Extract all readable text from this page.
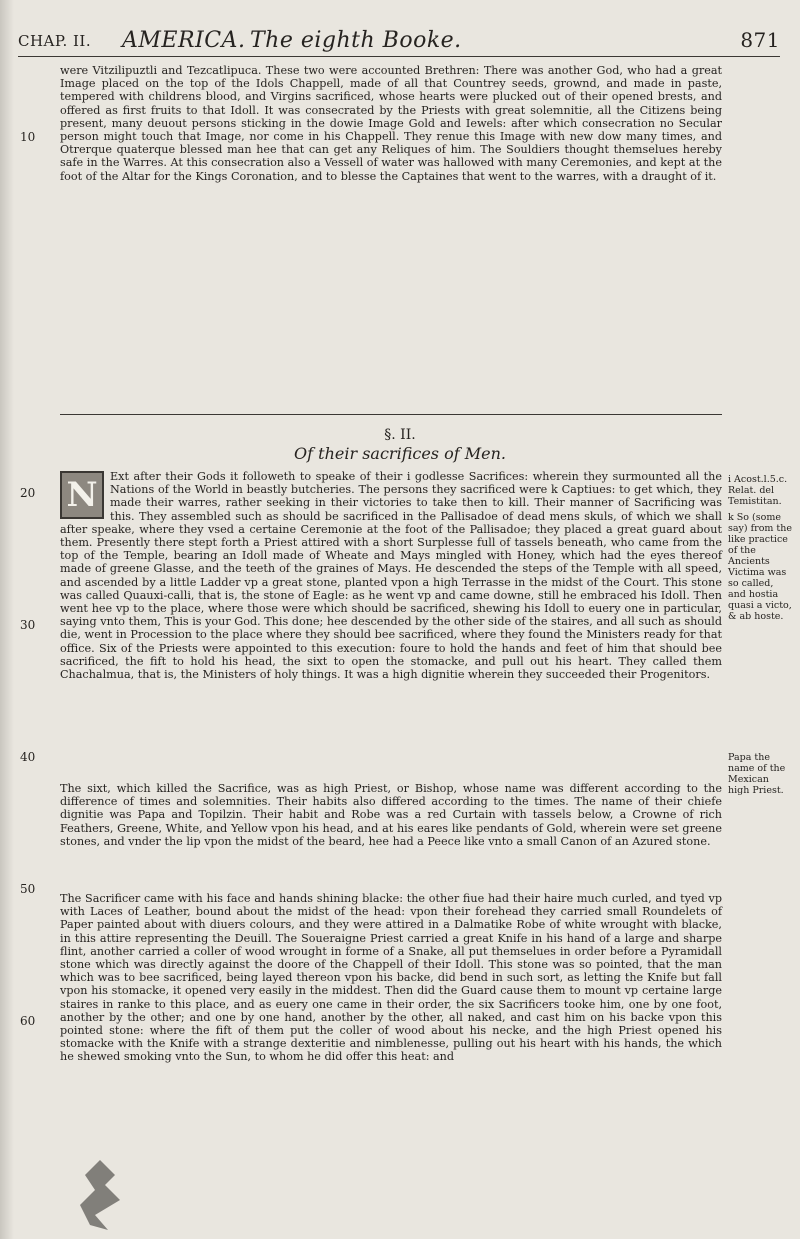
CHAP. II. AMERICA. The eighth Booke.	871

were Vitzilipuztli and Tezcatlipuca. These two were accounted Brethren: There was another God, who had a great Image placed on the top of the Idols Chappell, made of all that Countrey seeds, grownd, and made in paste, tempered with childrens blood, and Virgins sacrificed, whose hearts were plucked out of their opened brests, and offered as first fruits to that Idoll. It was consecrated by the Priests with great solemnitie, all the Citizens being present, many deuout persons sticking in the dowie Image Gold and Iewels: after which consecration no Secular person might touch that Image, nor come in his Chappell. They renue this Image with new dow many times, and Otrerque quaterque blessed man hee that can get any Reliques of him. The Souldiers thought themselues hereby safe in the Warres. At this consecration also a Vessell of water was hallowed with many Ceremonies, and kept at the foot of the Altar for the Kings Coronation, and to blesse the Captaines that went to the warres, with a draught of it.

§. II.
Of their sacrifices of Men.
N	Ext after their Gods it followeth to speake of their i godlesse Sacrifices: wherein they surmounted all the Nations of the World in beastly butcheries. The persons they sacrificed were k Captiues: to get which, they made their warres, rather seeking in their victories to take then to kill. Their manner of Sacrificing was this. They assembled such as should be sacrificed in the Pallisadoe of dead mens skuls, of which we shall after speake, where they vsed a certaine Ceremonie at the foot of the Pallisadoe; they placed a great guard about them. Presently there stept forth a Priest attired with a short Surplesse full of tassels beneath, who came from the top of the Temple, bearing an Idoll made of Wheate and Mays mingled with Honey, which had the eyes thereof made of greene Glasse, and the teeth of the graines of Mays. He descended the steps of the Temple with all speed, and ascended by a little Ladder vp a great stone, planted vpon a high Terrasse in the midst of the Court. This stone was called Quauxi-calli, that is, the stone of Eagle: as he went vp and came downe, still he embraced his Idoll. Then went hee vp to the place, where those were which should be sacrificed, shewing his Idoll to euery one in particular, saying vnto them, This is your God. This done; hee descended by the other side of the staires, and all such as should die, went in Procession to the place where they should bee sacrificed, where they found the Ministers ready for that office. Six of the Priests were appointed to this execution: foure to hold the hands and feet of him that should bee sacrificed, the fift to hold his head, the sixt to open the stomacke, and pull out his heart. They called them Chachalmua, that is, the Ministers of holy things. It was a high dignitie wherein they succeeded their Progenitors.

The sixt, which killed the Sacrifice, was as high Priest, or Bishop, whose name was different according to the difference of times and solemnities. Their habits also differed according to the times. The name of their chiefe dignitie was Papa and Topilzin. Their habit and Robe was a red Curtain with tassels below, a Crowne of rich Feathers, Greene, White, and Yellow vpon his head, and at his eares like pendants of Gold, wherein were set greene stones, and vnder the lip vpon the midst of the beard, hee had a Peece like vnto a small Canon of an Azured stone.

The Sacrificer came with his face and hands shining blacke: the other fiue had their haire much curled, and tyed vp with Laces of Leather, bound about the midst of the head: vpon their forehead they carried small Roundelets of Paper painted about with diuers colours, and they were attired in a Dalmatike Robe of white wrought with blacke, in this attire representing the Deuill. The Soueraigne Priest carried a great Knife in his hand of a large and sharpe flint, another carried a coller of wood wrought in forme of a Snake, all put themselues in order before a Pyramidall stone which was directly against the doore of the Chappell of their Idoll. This stone was so pointed, that the man which was to bee sacrificed, being layed thereon vpon his backe, did bend in such sort, as letting the Knife but fall vpon his stomacke, it opened very easily in the middest. Then did the Guard cause them to mount vp certaine large staires in ranke to this place, and as euery one came in their order, the six Sacrificers tooke him, one by one foot, another by the other; and one by one hand, another by the other, all naked, and cast him on his backe vpon this pointed stone: where the fift of them put the coller of wood about his necke, and the high Priest opened his stomacke with the Knife with a strange dexteritie and nimblenesse, pulling out his heart with his hands, the which he shewed smoking vnto the Sun, to whom he did offer this heat: and

10
20
30
40
50
60
i Acost.l.5.c. Relat. del Temistitan.
k So (some say) from the like practice of the Ancients Victima was so called, and hostia quasi a victo, & ab hoste.
Papa the name of the Mexican high Priest.
